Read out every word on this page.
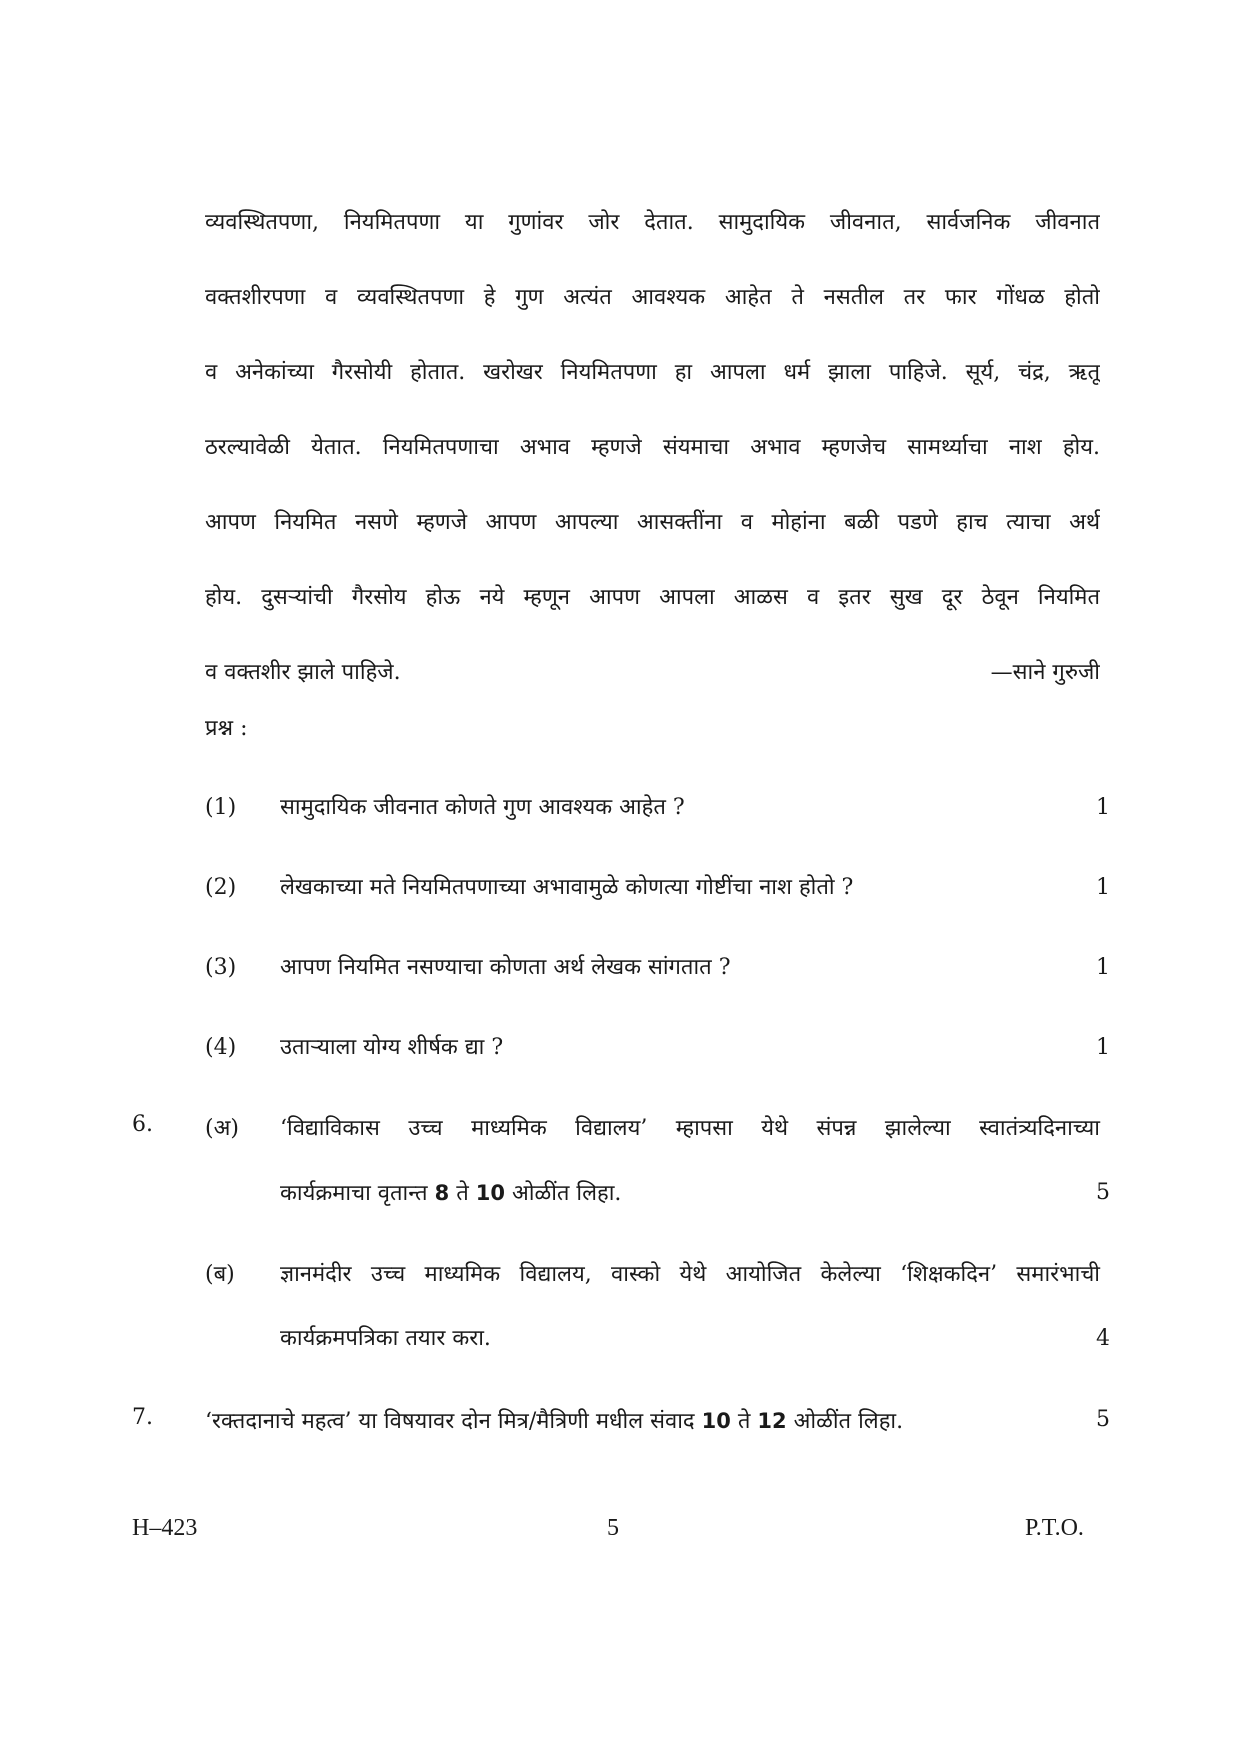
व्यवस्थितपणा, नियमितपणा या गुणांवर जोर देतात. सामुदायिक जीवनात, सार्वजनिक जीवनात
वक्तशीरपणा व व्यवस्थितपणा हे गुण अत्यंत आवश्यक आहेत ते नसतील तर फार गोंधळ होतो
व अनेकांच्या गैरसोयी होतात. खरोखर नियमितपणा हा आपला धर्म झाला पाहिजे. सूर्य, चंद्र, ऋतू
ठरल्यावेळी येतात. नियमितपणाचा अभाव म्हणजे संयमाचा अभाव म्हणजेच सामर्थ्याचा नाश होय.
आपण नियमित नसणे म्हणजे आपण आपल्या आसक्तींना व मोहांना बळी पडणे हाच त्याचा अर्थ
होय. दुसऱ्यांची गैरसोय होऊ नये म्हणून आपण आपला आळस व इतर सुख दूर ठेवून नियमित
व वक्तशीर झाले पाहिजे.	—साने गुरुजी
प्रश्न :
(1) सामुदायिक जीवनात कोणते गुण आवश्यक आहेत ?	1
(2) लेखकाच्या मते नियमितपणाच्या अभावामुळे कोणत्या गोष्टींचा नाश होतो ?	1
(3) आपण नियमित नसण्याचा कोणता अर्थ लेखक सांगतात ?	1
(4) उताऱ्याला योग्य शीर्षक द्या ?	1
6. (अ) ‘विद्याविकास उच्च माध्यमिक विद्यालय’ म्हापसा येथे संपन्न झालेल्या स्वातंत्र्यदिनाच्या
कार्यक्रमाचा वृतान्त 8 ते 10 ओळींत लिहा.	5
(ब) ज्ञानमंदीर उच्च माध्यमिक विद्यालय, वास्को येथे आयोजित केलेल्या ‘शिक्षकदिन’ समारंभाची
कार्यक्रमपत्रिका तयार करा.	4
7. ‘रक्तदानाचे महत्व’ या विषयावर दोन मित्र/मैत्रिणी मधील संवाद 10 ते 12 ओळींत लिहा.	5
H–423	5	P.T.O.
